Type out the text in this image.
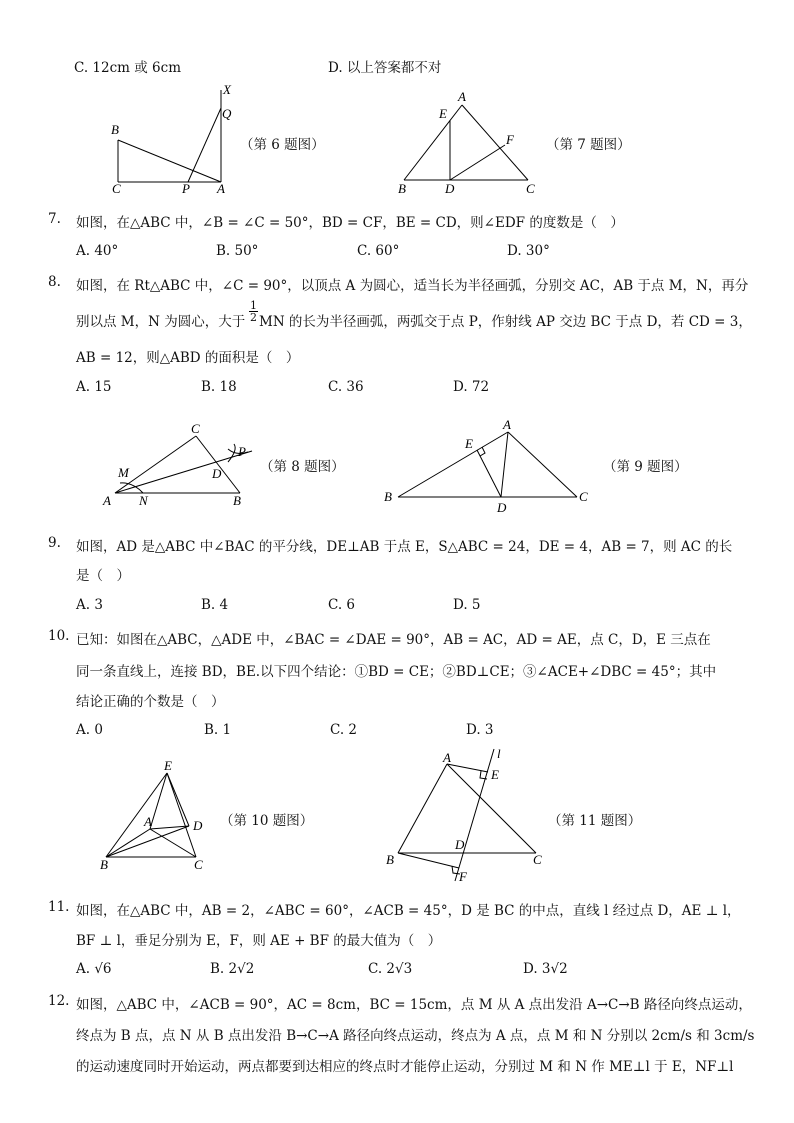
C. 12cm 或 6cm	D. 以上答案都不对
X
Q
B
C	P A
A
E
F
B	D	C
C
P
M	D
A N	B
A
E
B
D
C
E
A	D
B	C
A	l
E
D
B	C
F
（第 6 题图）	（第 7 题图）
7. 如图，在△ABC 中，∠B = ∠C = 50°，BD = CF，BE = CD，则∠EDF 的度数是（　）
A. 40°	B. 50°	C. 60°	D. 30°
8. 如图，在 Rt△ABC 中，∠C = 90°，以顶点 A 为圆心，适当长为半径画弧，分别交 AC，AB 于点 M，N，再分
别以点 M，N 为圆心，大于 $\frac{1}{2}$ MN 的长为半径画弧，两弧交于点 P，作射线 AP 交边 BC 于点 D，若 CD = 3，
AB = 12，则△ABD 的面积是（　）
A. 15	B. 18	C. 36	D. 72
（第 8 题图）	（第 9 题图）
9. 如图，AD 是△ABC 中∠BAC 的平分线，DE⊥AB 于点 E，S△ABC = 24，DE = 4，AB = 7，则 AC 的长
是（　）
A. 3	B. 4	C. 6	D. 5
10. 已知：如图在△ABC，△ADE 中，∠BAC = ∠DAE = 90°，AB = AC，AD = AE，点 C，D，E 三点在
同一条直线上，连接 BD，BE.以下四个结论：①BD = CE；②BD⊥CE；③∠ACE+∠DBC = 45°；其中
结论正确的个数是（　）
A. 0	B. 1	C. 2	D. 3
（第 10 题图）	（第 11 题图）
11. 如图，在△ABC 中，AB = 2，∠ABC = 60°，∠ACB = 45°，D 是 BC 的中点，直线 l 经过点 D，AE ⊥ l，
BF ⊥ l，垂足分别为 E，F，则 AE + BF 的最大值为（　）
A. √6	B. 2√2	C. 2√3	D. 3√2
12. 如图，△ABC 中，∠ACB = 90°，AC = 8cm，BC = 15cm，点 M 从 A 点出发沿 A→C→B 路径向终点运动，
终点为 B 点，点 N 从 B 点出发沿 B→C→A 路径向终点运动，终点为 A 点，点 M 和 N 分别以 2cm/s 和 3cm/s
的运动速度同时开始运动，两点都要到达相应的终点时才能停止运动，分别过 M 和 N 作 ME⊥l 于 E，NF⊥l
